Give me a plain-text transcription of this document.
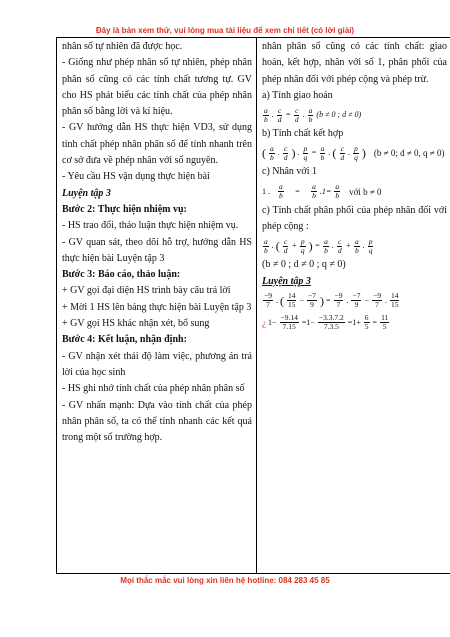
Đây là bản xem thử, vui lòng mua tài liệu để xem chi tiết (có lời giải)

nhân số tự nhiên đã được học.

- Giống như phép nhân số tự nhiên, phép nhân phân số cũng có các tính chất tương tự. GV cho HS phát biểu các tính chất của phép nhân phân số bằng lời và kí hiệu.

- GV hướng dẫn HS thực hiện VD3, sử dụng tính chất phép nhân phân số để tính nhanh trên cơ sở đưa về phép nhân với số nguyên.

- Yêu cầu HS vận dụng thực hiện bài

Luyện tập 3

Bước 2: Thực hiện nhiệm vụ:

- HS trao đổi, thảo luận thực hiện nhiệm vụ.

- GV quan sát, theo dõi hỗ trợ, hướng dẫn HS thực hiện bài Luyện tập 3

Bước 3: Báo cáo, thảo luận:

+ GV gọi đại diện HS trình bày câu trả lời

+ Mời 1 HS lên bảng thực hiện bài Luyện tập 3

+ GV gọi HS khác nhận xét, bổ sung

Bước 4: Kết luận, nhận định:

- GV nhận xét thái độ làm việc, phương án trả lời của học sinh

- HS ghi nhớ tính chất của phép nhân phân số

- GV nhấn mạnh: Dựa vào tính chất của phép nhân phân số, ta có thể tính nhanh các kết quả trong một số trường hợp.

nhân phân số cũng có các tính chất: giao hoán, kết hợp, nhân với số 1, phân phối của phép nhân đối với phép cộng và phép trừ.

a) Tính giao hoán

$\frac{a}{b}$ . $\frac{c}{d} = \frac{c}{d}$ . $\frac{a}{b} (b \ne 0$ ; d ≠ 0)

b) Tính chất kết hợp

( $\frac{a}{b}$ . $\frac{c}{d}$ ) . $\frac{p}{q} = \frac{a}{b}$ . ( $\frac{c}{d}$ . $\frac{p}{q}$ ) (b ≠ 0; d ≠ 0, q ≠ 0)

c) Nhân với 1

1 . $\frac{a}{b} = \frac{a}{b} .1= \frac{a}{b}$ với b ≠ 0

c) Tính chất phân phối của phép nhân đối với phép cộng :

$\frac{a}{b}$ . ( $\frac{c}{d} + \frac{p}{q}$ ) = $\frac{a}{b}$ . $\frac{c}{d} + \frac{a}{b}$ . $\frac{p}{q}$

(b ≠ 0 ; d ≠ 0 ; q ≠ 0)

Luyện tập 3

$\frac{-9}{7}$ . ( $\frac{14}{15} - \frac{-7}{9}$ ) = $\frac{-9}{7}$ . $\frac{-7}{9} - \frac{-9}{7}$ . $\frac{14}{15}$
¿ $1- \frac{-9.14}{7.15} =1- \frac{-3.3.7.2}{7.3.5} =1+ \frac{6}{5} = \frac{11}{5}$
Mọi thắc mắc vui lòng xin liên hệ hotline: 084 283 45 85
